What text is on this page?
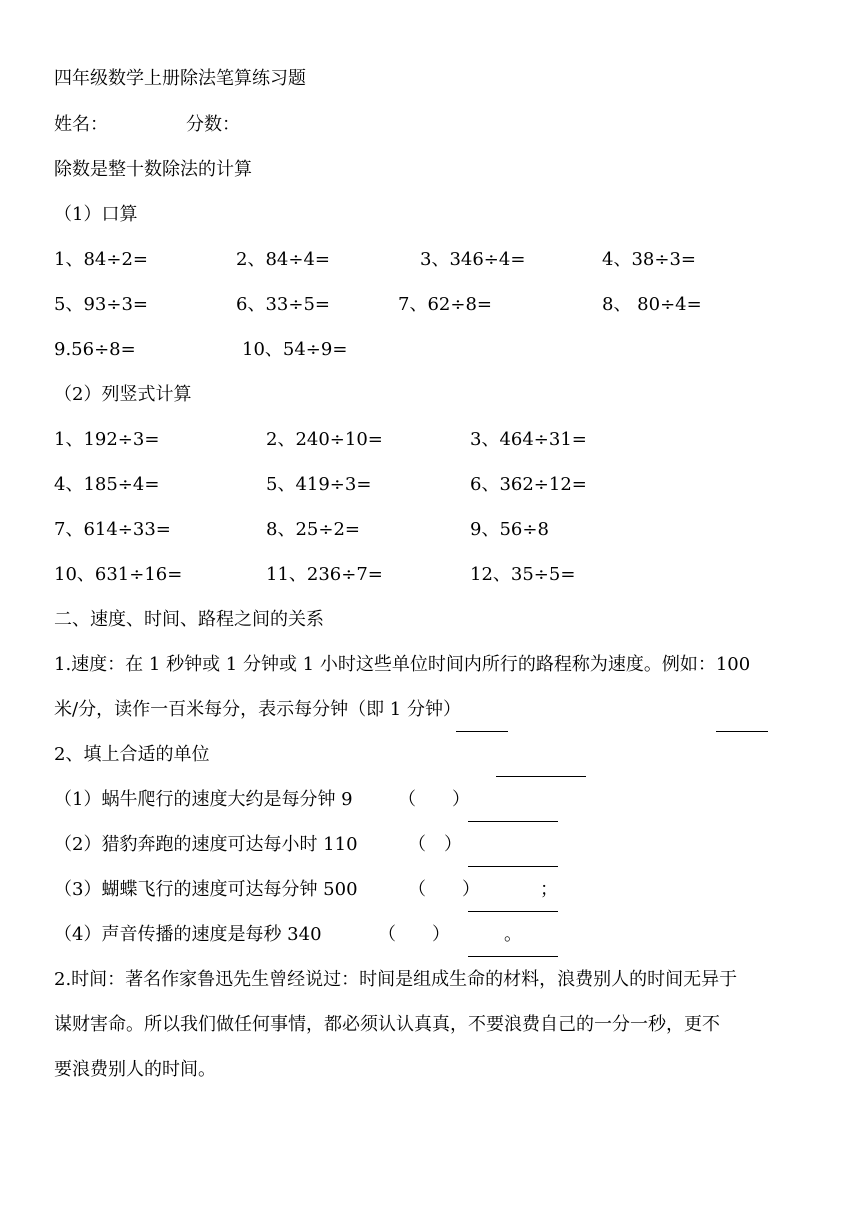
四年级数学上册除法笔算练习题
姓名：	分数：
除数是整十数除法的计算
（1）口算
1、84÷2=	2、84÷4=	3、346÷4=	4、38÷3=
5、93÷3=	6、33÷5=	7、62÷8=	8、 80÷4=
9.56÷8=	10、54÷9=
（2）列竖式计算
1、192÷3=	2、240÷10=	3、464÷31=
4、185÷4=	5、419÷3=	6、362÷12=
7、614÷33=	8、25÷2=	9、56÷8
10、631÷16=	11、236÷7=	12、35÷5=
二、速度、时间、路程之间的关系
1.速度：在 1 秒钟或 1 分钟或 1 小时这些单位时间内所行的路程称为速度。例如：100
米/分，读作一百米每分，表示每分钟（即 1 分钟）
2、填上合适的单位
（1）蜗牛爬行的速度大约是每分钟 9	（　　）
（2）猎豹奔跑的速度可达每小时 110	（　）
（3）蝴蝶飞行的速度可达每分钟 500	（　　）	；
（4）声音传播的速度是每秒 340	（　　）	。
2.时间：著名作家鲁迅先生曾经说过：时间是组成生命的材料，浪费别人的时间无异于
谋财害命。所以我们做任何事情，都必须认认真真，不要浪费自己的一分一秒，更不
要浪费别人的时间。
